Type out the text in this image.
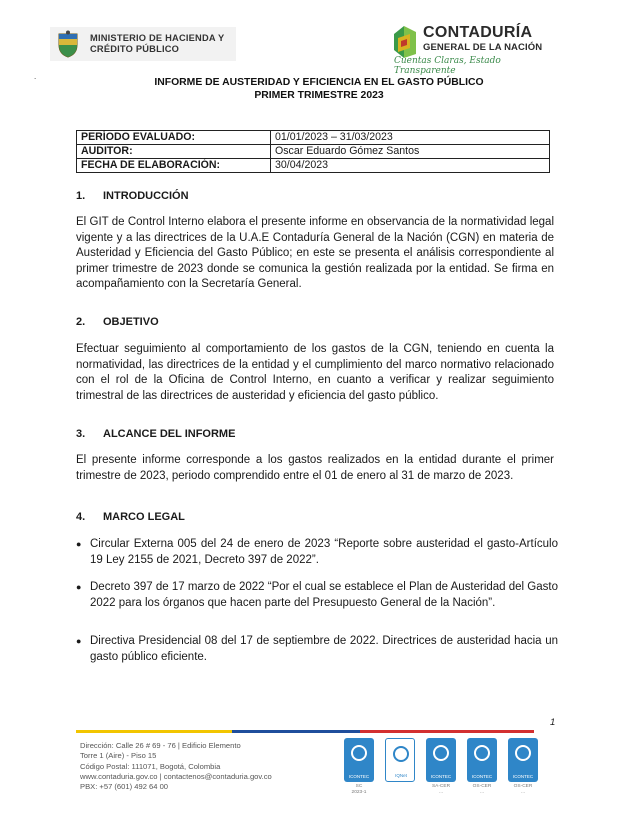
MINISTERIO DE HACIENDA Y
CRÉDITO PÚBLICO
CONTADURÍA
GENERAL DE LA NACIÓN
Cuentas Claras, Estado Transparente
.
INFORME DE AUSTERIDAD Y EFICIENCIA EN EL GASTO PÚBLICO
PRIMER TRIMESTRE 2023
PERÍODO EVALUADO:	01/01/2023 – 31/03/2023
AUDITOR:	Oscar Eduardo Gómez Santos
FECHA DE ELABORACIÓN:	30/04/2023
1. INTRODUCCIÓN
El GIT de Control Interno elabora el presente informe en observancia de la normatividad legal vigente y a las directrices de la U.A.E Contaduría General de la Nación (CGN) en materia de Austeridad y Eficiencia del Gasto Público; en este se presenta el análisis correspondiente al primer trimestre de 2023 donde se comunica la gestión realizada por la entidad. Se firma en acompañamiento con la Secretaría General.
2. OBJETIVO
Efectuar seguimiento al comportamiento de los gastos de la CGN, teniendo en cuenta la normatividad, las directrices de la entidad y el cumplimiento del marco normativo relacionado con el rol de la Oficina de Control Interno, en cuanto a verificar y realizar seguimiento trimestral de las directrices de austeridad y eficiencia del gasto público.
3. ALCANCE DEL INFORME
El presente informe corresponde a los gastos realizados en la entidad durante el primer trimestre de 2023, periodo comprendido entre el 01 de enero al 31 de marzo de 2023.
4. MARCO LEGAL
● Circular Externa 005 del 24 de enero de 2023 “Reporte sobre austeridad el gasto-Artículo 19 Ley 2155 de 2021, Decreto 397 de 2022”.
● Decreto 397 de 17 marzo de 2022 “Por el cual se establece el Plan de Austeridad del Gasto 2022 para los órganos que hacen parte del Presupuesto General de la Nación”.
● Directiva Presidencial 08 del 17 de septiembre de 2022. Directrices de austeridad hacia un gasto público eficiente.
1
Dirección: Calle 26 # 69 - 76 | Edificio Elemento
Torre 1 (Aire) - Piso 15
Código Postal: 111071, Bogotá, Colombia
www.contaduria.gov.co | contactenos@contaduria.gov.co
PBX: +57 (601) 492 64 00
ICONTEC
SC
2023-1
IQNet	ICONTEC
SA-CER
...
ICONTEC
OS-CER
...
ICONTEC
OS-CER
...
